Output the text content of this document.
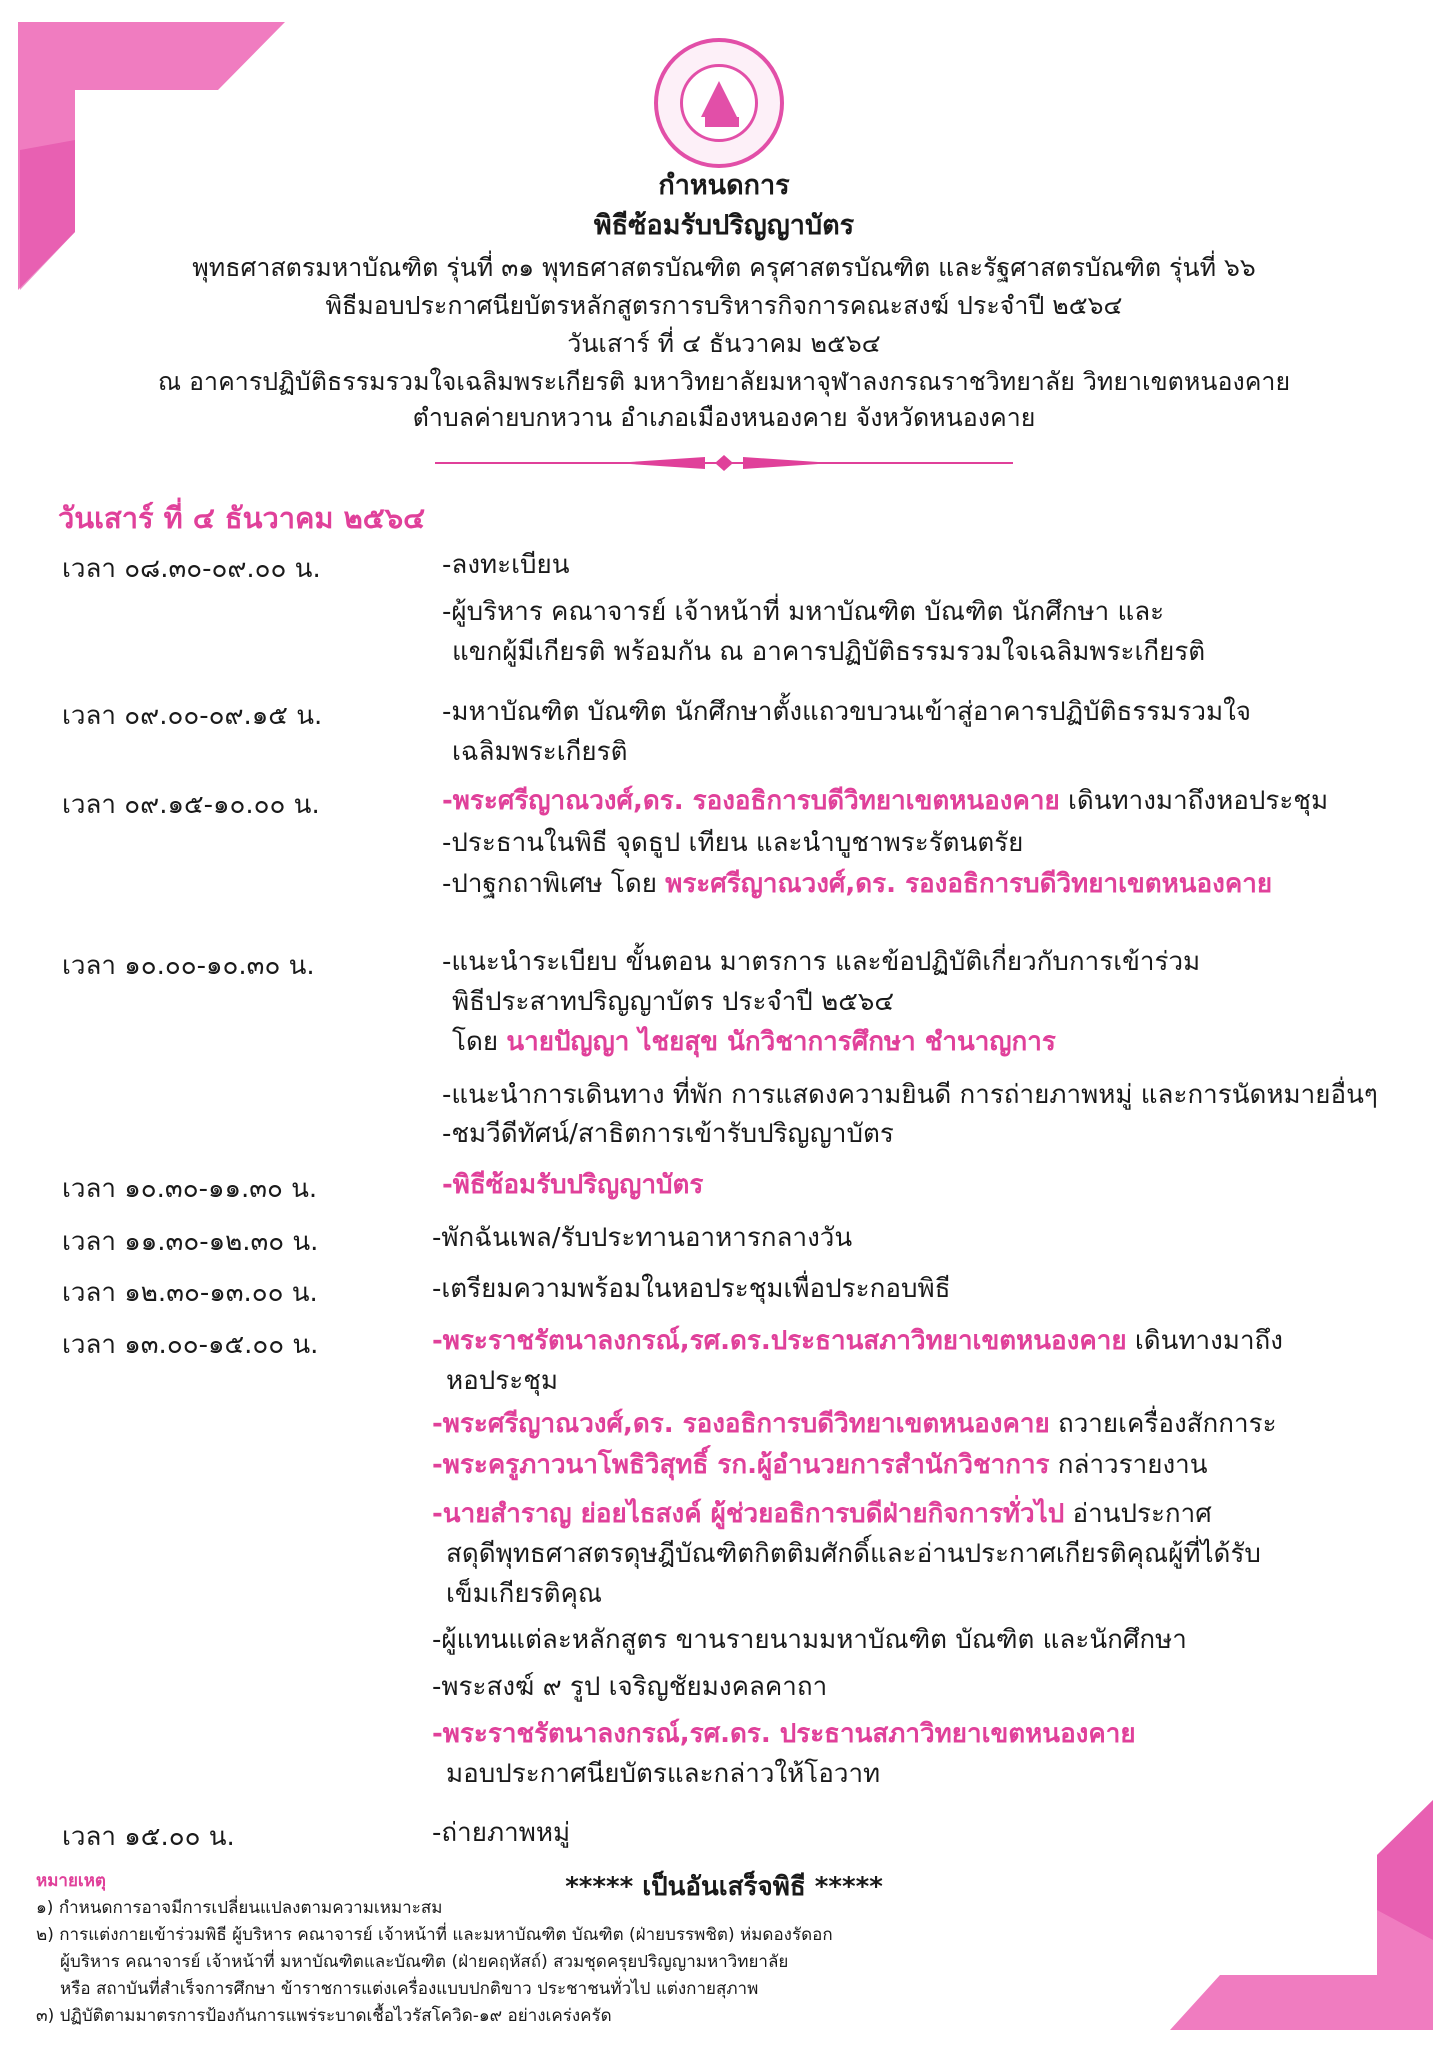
กำหนดการ
พิธีซ้อมรับปริญญาบัตร
พุทธศาสตรมหาบัณฑิต รุ่นที่ ๓๑ พุทธศาสตรบัณฑิต ครุศาสตรบัณฑิต และรัฐศาสตรบัณฑิต รุ่นที่ ๖๖
พิธีมอบประกาศนียบัตรหลักสูตรการบริหารกิจการคณะสงฆ์ ประจำปี ๒๕๖๔
วันเสาร์ ที่ ๔ ธันวาคม ๒๕๖๔
ณ อาคารปฏิบัติธรรมรวมใจเฉลิมพระเกียรติ มหาวิทยาลัยมหาจุฬาลงกรณราชวิทยาลัย วิทยาเขตหนองคาย
ตำบลค่ายบกหวาน อำเภอเมืองหนองคาย จังหวัดหนองคาย
วันเสาร์ ที่ ๔ ธันวาคม ๒๕๖๔
เวลา ๐๘.๓๐-๐๙.๐๐ น.	-ลงทะเบียน
-ผู้บริหาร คณาจารย์ เจ้าหน้าที่ มหาบัณฑิต บัณฑิต นักศึกษา และ
แขกผู้มีเกียรติ พร้อมกัน ณ อาคารปฏิบัติธรรมรวมใจเฉลิมพระเกียรติ
เวลา ๐๙.๐๐-๐๙.๑๕ น.	-มหาบัณฑิต บัณฑิต นักศึกษาตั้งแถวขบวนเข้าสู่อาคารปฏิบัติธรรมรวมใจ
เฉลิมพระเกียรติ
เวลา ๐๙.๑๕-๑๐.๐๐ น.	-พระศรีญาณวงศ์,ดร. รองอธิการบดีวิทยาเขตหนองคาย เดินทางมาถึงหอประชุม
-ประธานในพิธี จุดธูป เทียน และนำบูชาพระรัตนตรัย
-ปาฐกถาพิเศษ โดย พระศรีญาณวงศ์,ดร. รองอธิการบดีวิทยาเขตหนองคาย
เวลา ๑๐.๐๐-๑๐.๓๐ น.	-แนะนำระเบียบ ขั้นตอน มาตรการ และข้อปฏิบัติเกี่ยวกับการเข้าร่วม
พิธีประสาทปริญญาบัตร ประจำปี ๒๕๖๔
โดย นายปัญญา ไชยสุข นักวิชาการศึกษา ชำนาญการ
-แนะนำการเดินทาง ที่พัก การแสดงความยินดี การถ่ายภาพหมู่ และการนัดหมายอื่นๆ
-ชมวีดีทัศน์/สาธิตการเข้ารับปริญญาบัตร
เวลา ๑๐.๓๐-๑๑.๓๐ น.	-พิธีซ้อมรับปริญญาบัตร
เวลา ๑๑.๓๐-๑๒.๓๐ น.	-พักฉันเพล/รับประทานอาหารกลางวัน
เวลา ๑๒.๓๐-๑๓.๐๐ น.	-เตรียมความพร้อมในหอประชุมเพื่อประกอบพิธี
เวลา ๑๓.๐๐-๑๕.๐๐ น.	-พระราชรัตนาลงกรณ์,รศ.ดร.ประธานสภาวิทยาเขตหนองคาย เดินทางมาถึง
หอประชุม
-พระศรีญาณวงศ์,ดร. รองอธิการบดีวิทยาเขตหนองคาย ถวายเครื่องสักการะ
-พระครูภาวนาโพธิวิสุทธิ์ รก.ผู้อำนวยการสำนักวิชาการ กล่าวรายงาน
-นายสำราญ ย่อยไธสงค์ ผู้ช่วยอธิการบดีฝ่ายกิจการทั่วไป อ่านประกาศ
สดุดีพุทธศาสตรดุษฎีบัณฑิตกิตติมศักดิ์และอ่านประกาศเกียรติคุณผู้ที่ได้รับ
เข็มเกียรติคุณ
-ผู้แทนแต่ละหลักสูตร ขานรายนามมหาบัณฑิต บัณฑิต และนักศึกษา
-พระสงฆ์ ๙ รูป เจริญชัยมงคลคาถา
-พระราชรัตนาลงกรณ์,รศ.ดร. ประธานสภาวิทยาเขตหนองคาย
มอบประกาศนียบัตรและกล่าวให้โอวาท
เวลา ๑๕.๐๐ น.	-ถ่ายภาพหมู่
***** เป็นอันเสร็จพิธี *****
หมายเหตุ
๑) กำหนดการอาจมีการเปลี่ยนแปลงตามความเหมาะสม
๒) การแต่งกายเข้าร่วมพิธี ผู้บริหาร คณาจารย์ เจ้าหน้าที่ และมหาบัณฑิต บัณฑิต (ฝ่ายบรรพชิต) ห่มดองรัดอก
ผู้บริหาร คณาจารย์ เจ้าหน้าที่ มหาบัณฑิตและบัณฑิต (ฝ่ายคฤหัสถ์) สวมชุดครุยปริญญามหาวิทยาลัย
หรือ สถาบันที่สำเร็จการศึกษา ข้าราชการแต่งเครื่องแบบปกติขาว ประชาชนทั่วไป แต่งกายสุภาพ
๓) ปฏิบัติตามมาตรการป้องกันการแพร่ระบาดเชื้อไวรัสโควิด-๑๙ อย่างเคร่งครัด
